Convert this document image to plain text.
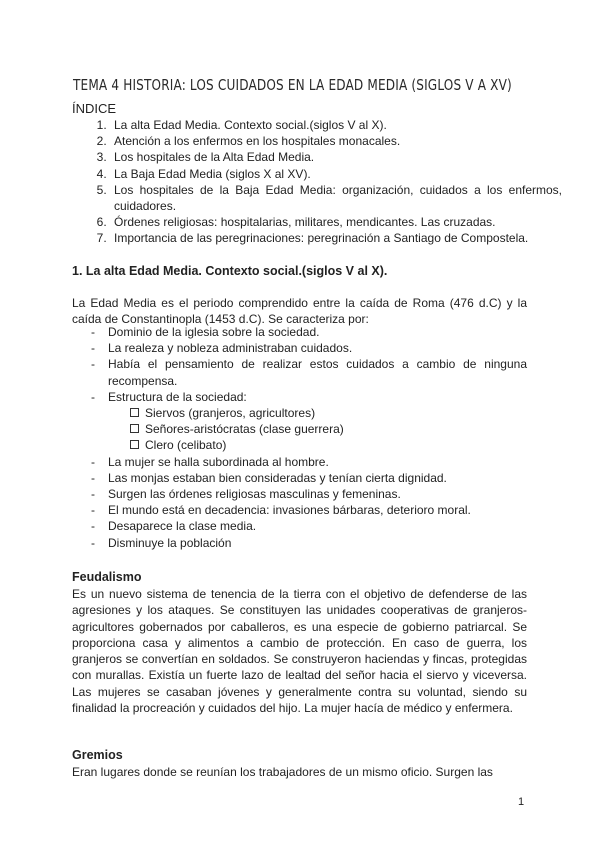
TEMA 4 HISTORIA: LOS CUIDADOS EN LA EDAD MEDIA (SIGLOS V A XV)
ÍNDICE
1. La alta Edad Media. Contexto social.(siglos V al X).
2. Atención a los enfermos en los hospitales monacales.
3. Los hospitales de la Alta Edad Media.
4. La Baja Edad Media (siglos X al XV).
5. Los hospitales de la Baja Edad Media: organización, cuidados a los enfermos, cuidadores.
6. Órdenes religiosas: hospitalarias, militares, mendicantes. Las cruzadas.
7. Importancia de las peregrinaciones: peregrinación a Santiago de Compostela.
1. La alta Edad Media. Contexto social.(siglos V al X).

La Edad Media es el periodo comprendido entre la caída de Roma (476 d.C) y la caída de Constantinopla (1453 d.C). Se caracteriza por:

- Dominio de la iglesia sobre la sociedad.
- La realeza y nobleza administraban cuidados.
- Había el pensamiento de realizar estos cuidados a cambio de ninguna recompensa.
- Estructura de la sociedad:
Siervos (granjeros, agricultores)
Señores-aristócratas (clase guerrera)
Clero (celibato)
- La mujer se halla subordinada al hombre.
- Las monjas estaban bien consideradas y tenían cierta dignidad.
- Surgen las órdenes religiosas masculinas y femeninas.
- El mundo está en decadencia: invasiones bárbaras, deterioro moral.
- Desaparece la clase media.
- Disminuye la población
Feudalismo

Es un nuevo sistema de tenencia de la tierra con el objetivo de defenderse de las agresiones y los ataques. Se constituyen las unidades cooperativas de granjeros-agricultores gobernados por caballeros, es una especie de gobierno patriarcal. Se proporciona casa y alimentos a cambio de protección. En caso de guerra, los granjeros se convertían en soldados. Se construyeron haciendas y fincas, protegidas con murallas. Existía un fuerte lazo de lealtad del señor hacia el siervo y viceversa. Las mujeres se casaban jóvenes y generalmente contra su voluntad, siendo su finalidad la procreación y cuidados del hijo. La mujer hacía de médico y enfermera.

Gremios

Eran lugares donde se reunían los trabajadores de un mismo oficio. Surgen las

1
